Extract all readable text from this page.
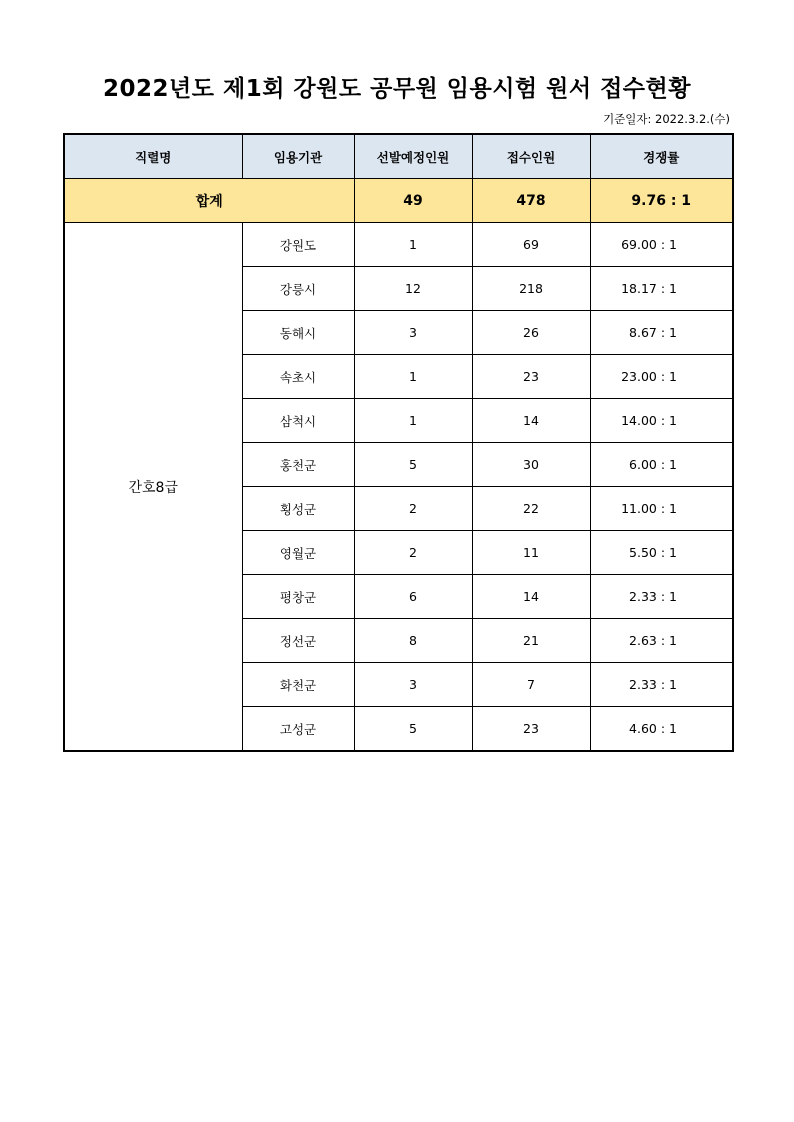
2022년도 제1회 강원도 공무원 임용시험 원서 접수현황
기준일자: 2022.3.2.(수)
직렬명	임용기관	선발예정인원	접수인원	경쟁률
합계		49	478	9.76 : 1
간호8급	강원도	1	69	69.00 : 1
	강릉시	12	218	18.17 : 1
	동해시	3	26	8.67 : 1
	속초시	1	23	23.00 : 1
	삼척시	1	14	14.00 : 1
	홍천군	5	30	6.00 : 1
	횡성군	2	22	11.00 : 1
	영월군	2	11	5.50 : 1
	평창군	6	14	2.33 : 1
	정선군	8	21	2.63 : 1
	화천군	3	7	2.33 : 1
	고성군	5	23	4.60 : 1
